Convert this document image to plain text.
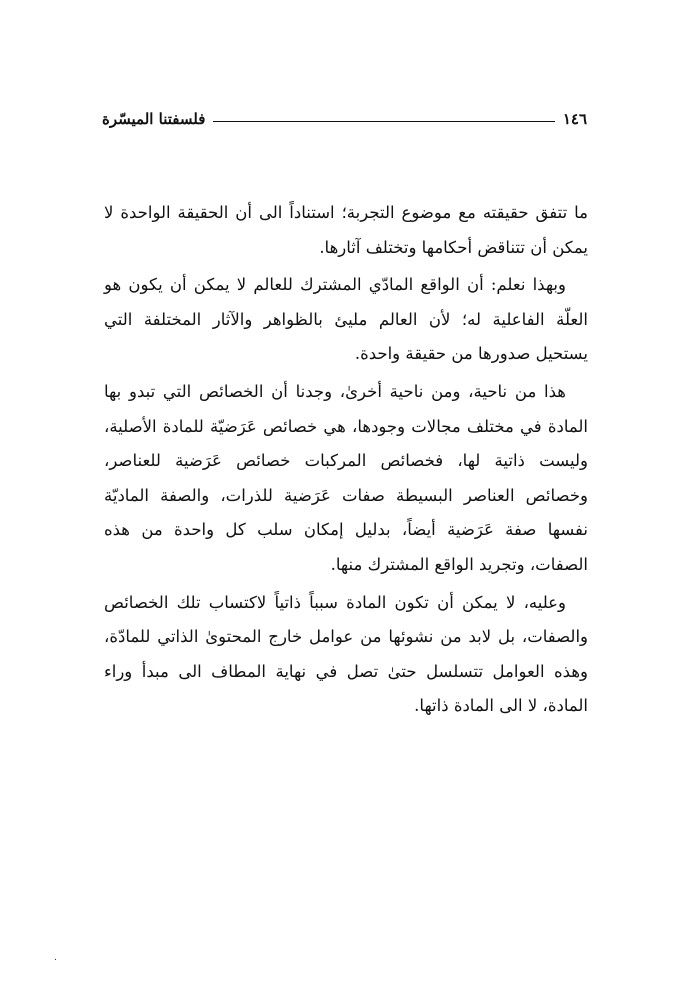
١٤٦
فلسفتنا الميسّرة

ما تتفق حقيقته مع موضوع التجربة؛ استناداً الى أن الحقيقة الواحدة لا يمكن أن تتناقض أحكامها وتختلف آثارها.

وبهذا نعلم: أن الواقع المادّي المشترك للعالم لا يمكن أن يكون هو العلّة الفاعلية له؛ لأن العالم مليئ بالظواهر والآثار المختلفة التي يستحيل صدورها من حقيقة واحدة.

هذا من ناحية، ومن ناحية أخرىٰ، وجدنا أن الخصائص التي تبدو بها المادة في مختلف مجالات وجودها، هي خصائص عَرَضيّة للمادة الأصلية، وليست ذاتية لها، فخصائص المركبات خصائص عَرَضية للعناصر، وخصائص العناصر البسيطة صفات عَرَضية للذرات، والصفة الماديّة نفسها صفة عَرَضية أيضاً، بدليل إمكان سلب كل واحدة من هذه الصفات، وتجريد الواقع المشترك منها.

وعليه، لا يمكن أن تكون المادة سبباً ذاتياً لاكتساب تلك الخصائص والصفات، بل لابد من نشوئها من عوامل خارج المحتوىٰ الذاتي للمادّة، وهذه العوامل تتسلسل حتىٰ تصل في نهاية المطاف الى مبدأ وراء المادة، لا الى المادة ذاتها.

٠
